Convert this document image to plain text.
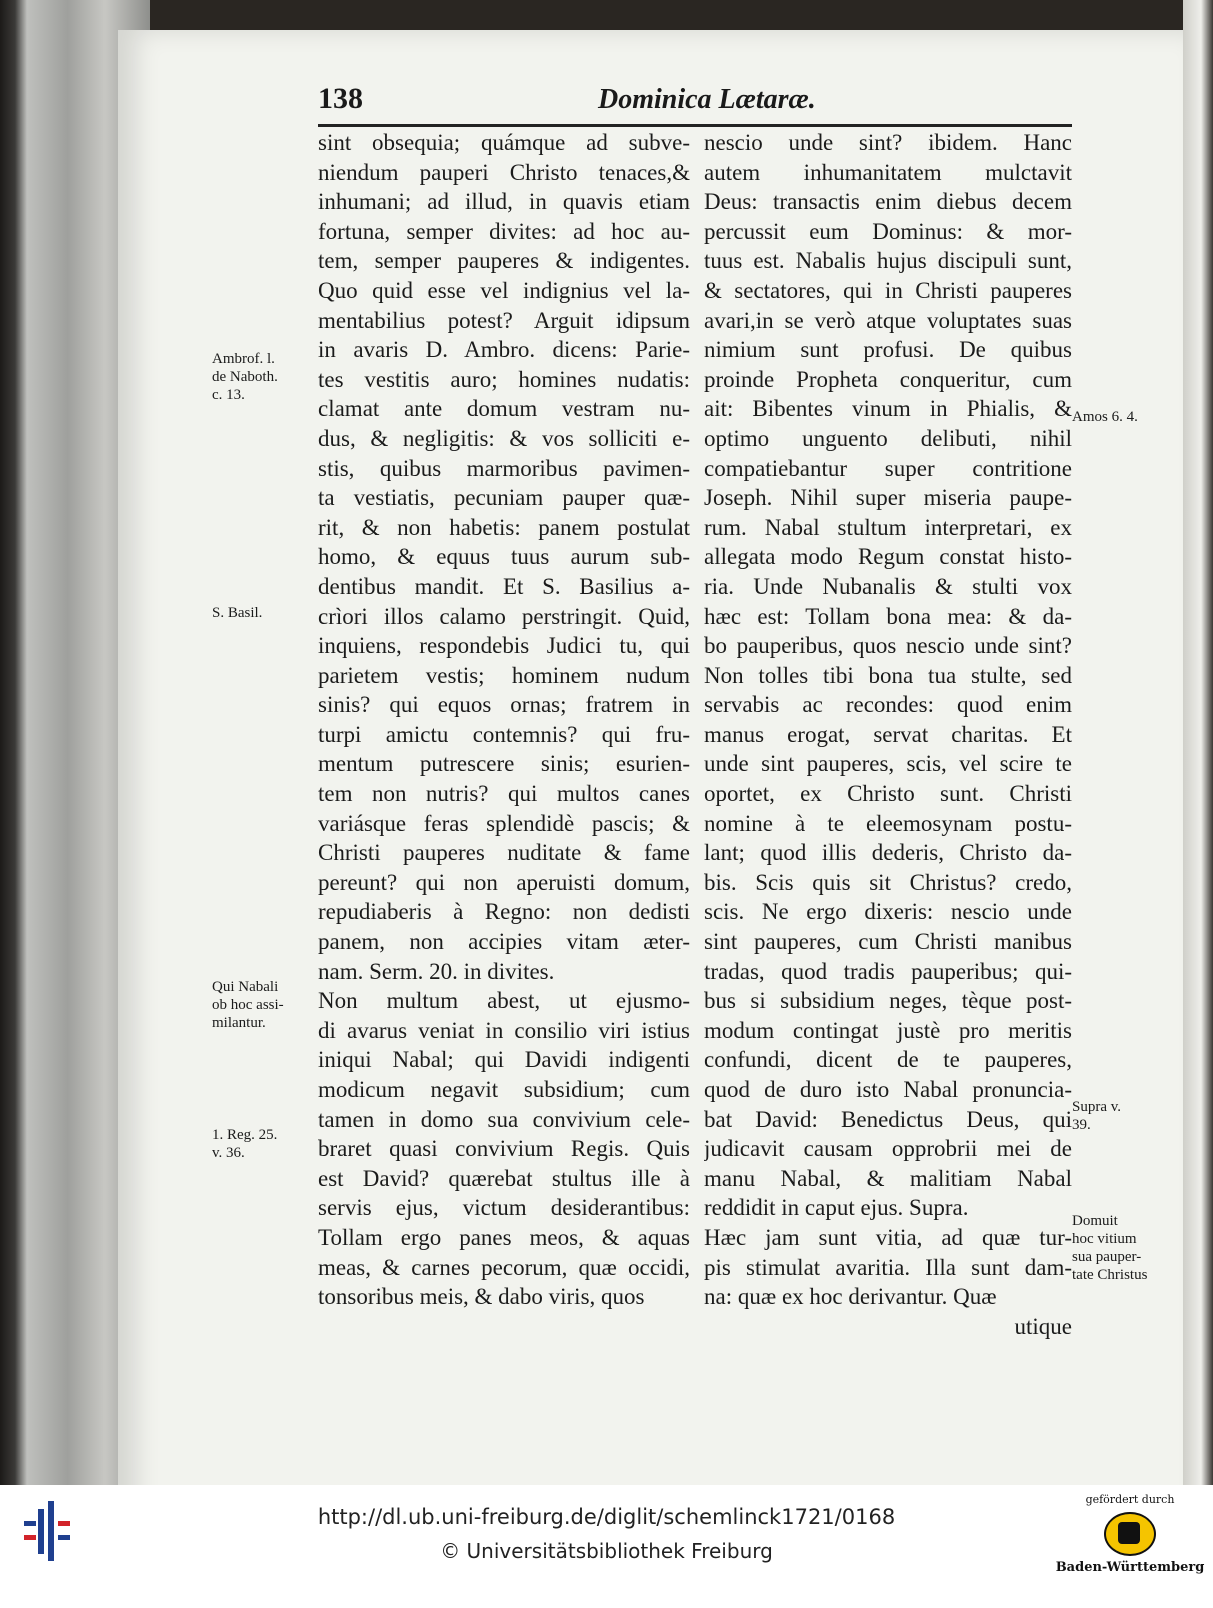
138	Dominica Lætaræ.
sint obsequia; quámque ad subve-
niendum pauperi Christo tenaces,&
inhumani; ad illud, in quavis etiam
fortuna, semper divites: ad hoc au-
tem, semper pauperes & indigentes.
Quo quid esse vel indignius vel la-
mentabilius potest? Arguit idipsum
in avaris D. Ambro. dicens: Parie-
tes vestitis auro; homines nudatis:
clamat ante domum vestram nu-
dus, & negligitis: & vos solliciti e-
stis, quibus marmoribus pavimen-
ta vestiatis, pecuniam pauper quæ-
rit, & non habetis: panem postulat
homo, & equus tuus aurum sub-
dentibus mandit. Et S. Basilius a-
crìori illos calamo perstringit. Quid,
inquiens, respondebis Judici tu, qui
parietem vestis; hominem nudum
sinis? qui equos ornas; fratrem in
turpi amictu contemnis? qui fru-
mentum putrescere sinis; esurien-
tem non nutris? qui multos canes
variásque feras splendidè pascis; &
Christi pauperes nuditate & fame
pereunt? qui non aperuisti domum,
repudiaberis à Regno: non dedisti
panem, non accipies vitam æter-
nam. Serm. 20. in divites.
Non multum abest, ut ejusmo-
di avarus veniat in consilio viri istius
iniqui Nabal; qui Davidi indigenti
modicum negavit subsidium; cum
tamen in domo sua convivium cele-
braret quasi convivium Regis. Quis
est David? quærebat stultus ille à
servis ejus, victum desiderantibus:
Tollam ergo panes meos, & aquas
meas, & carnes pecorum, quæ occidi,
tonsoribus meis, & dabo viris, quos
nescio unde sint? ibidem. Hanc
autem inhumanitatem mulctavit
Deus: transactis enim diebus decem
percussit eum Dominus: & mor-
tuus est. Nabalis hujus discipuli sunt,
& sectatores, qui in Christi pauperes
avari,in se verò atque voluptates suas
nimium sunt profusi. De quibus
proinde Propheta conqueritur, cum
ait: Bibentes vinum in Phialis, &
optimo unguento delibuti, nihil
compatiebantur super contritione
Joseph. Nihil super miseria paupe-
rum. Nabal stultum interpretari, ex
allegata modo Regum constat histo-
ria. Unde Nubanalis & stulti vox
hæc est: Tollam bona mea: & da-
bo pauperibus, quos nescio unde sint?
Non tolles tibi bona tua stulte, sed
servabis ac recondes: quod enim
manus erogat, servat charitas. Et
unde sint pauperes, scis, vel scire te
oportet, ex Christo sunt. Christi
nomine à te eleemosynam postu-
lant; quod illis dederis, Christo da-
bis. Scis quis sit Christus? credo,
scis. Ne ergo dixeris: nescio unde
sint pauperes, cum Christi manibus
tradas, quod tradis pauperibus; qui-
bus si subsidium neges, tèque post-
modum contingat justè pro meritis
confundi, dicent de te pauperes,
quod de duro isto Nabal pronuncia-
bat David: Benedictus Deus, qui
judicavit causam opprobrii mei de
manu Nabal, & malitiam Nabal
reddidit in caput ejus. Supra.
Hæc jam sunt vitia, ad quæ tur-
pis stimulat avaritia. Illa sunt dam-
na: quæ ex hoc derivantur. Quæ
utique
Ambrof. l.
de Naboth.
c. 13.
S. Basil.
Qui Nabali
ob hoc assi-
milantur.
1. Reg. 25.
v. 36.
Amos 6. 4.
Supra v.
39.
Domuit
hoc vitium
sua pauper-
tate Christus
http://dl.ub.uni-freiburg.de/diglit/schemlinck1721/0168
© Universitätsbibliothek Freiburg
gefördert durch
Baden-Württemberg
